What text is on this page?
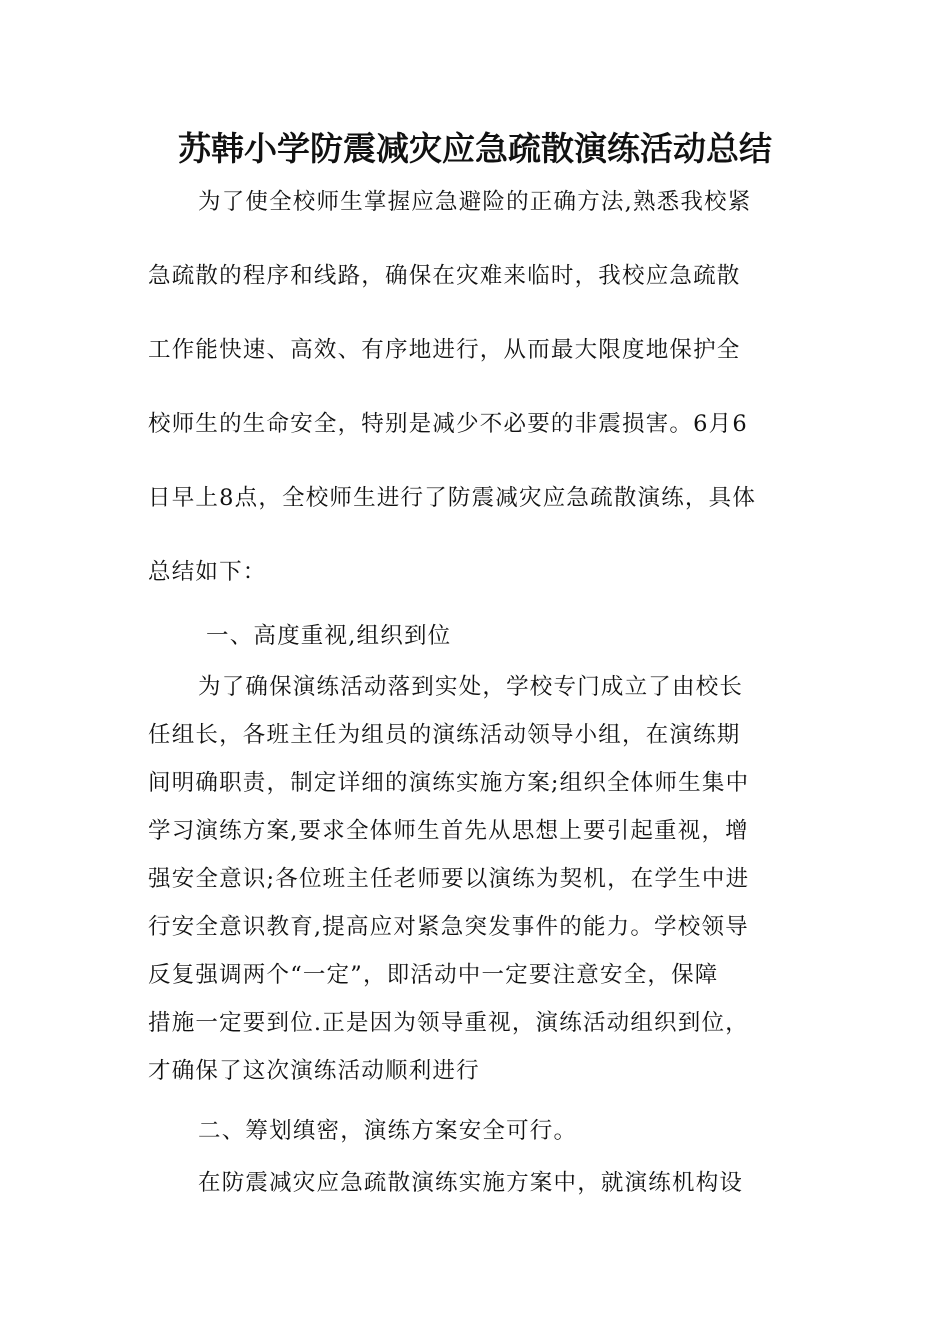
苏韩小学防震减灾应急疏散演练活动总结
为了使全校师生掌握应急避险的正确方法,熟悉我校紧
急疏散的程序和线路，确保在灾难来临时，我校应急疏散
工作能快速、高效、有序地进行，从而最大限度地保护全
校师生的生命安全，特别是减少不必要的非震损害。6月6
日早上8点，全校师生进行了防震减灾应急疏散演练，具体
总结如下：
一、高度重视,组织到位
为了确保演练活动落到实处，学校专门成立了由校长
任组长，各班主任为组员的演练活动领导小组，在演练期
间明确职责，制定详细的演练实施方案;组织全体师生集中
学习演练方案,要求全体师生首先从思想上要引起重视，增
强安全意识;各位班主任老师要以演练为契机，在学生中进
行安全意识教育,提高应对紧急突发事件的能力。学校领导
反复强调两个“一定”，即活动中一定要注意安全，保障
措施一定要到位.正是因为领导重视，演练活动组织到位，
才确保了这次演练活动顺利进行
二、筹划缜密，演练方案安全可行。
在防震减灾应急疏散演练实施方案中，就演练机构设
